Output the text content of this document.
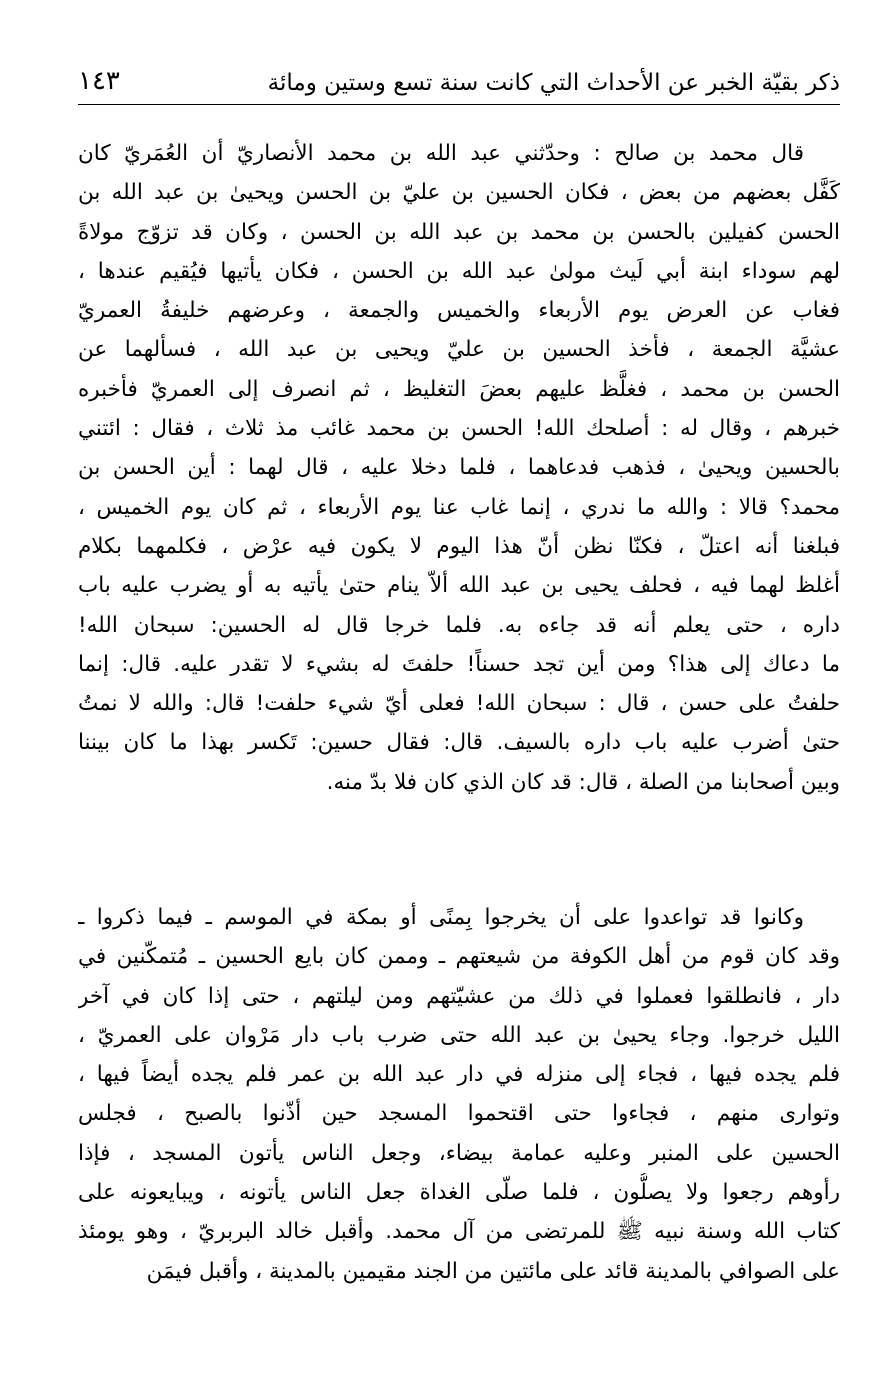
ذكر بقيّة الخبر عن الأحداث التي كانت سنة تسع وستين ومائة
١٤٣
قال محمد بن صالح : وحدّثني عبد الله بن محمد الأنصاريّ أن العُمَريّ كان
كَفَّل بعضهم من بعض ، فكان الحسين بن عليّ بن الحسن ويحيىٰ بن عبد الله بن
الحسن كفيلين بالحسن بن محمد بن عبد الله بن الحسن ، وكان قد تزوّج مولاةً
لهم سوداء ابنة أبي لَيث مولىٰ عبد الله بن الحسن ، فكان يأتيها فيُقيم عندها ،
فغاب عن العرض يوم الأربعاء والخميس والجمعة ، وعرضهم خليفةُ العمريّ
عشيَّة الجمعة ، فأخذ الحسين بن عليّ ويحيى بن عبد الله ، فسألهما عن
الحسن بن محمد ، فغلَّظ عليهم بعضَ التغليظ ، ثم انصرف إلى العمريّ فأخبره
خبرهم ، وقال له : أصلحك الله! الحسن بن محمد غائب مذ ثلاث ، فقال : ائتني
بالحسين ويحيىٰ ، فذهب فدعاهما ، فلما دخلا عليه ، قال لهما : أين الحسن بن
محمد؟ قالا : والله ما ندري ، إنما غاب عنا يوم الأربعاء ، ثم كان يوم الخميس ،
فبلغنا أنه اعتلّ ، فكنّا نظن أنّ هذا اليوم لا يكون فيه عرْض ، فكلمهما بكلام
أغلظ لهما فيه ، فحلف يحيى بن عبد الله ألاّ ينام حتىٰ يأتيه به أو يضرب عليه باب
داره ، حتى يعلم أنه قد جاءه به. فلما خرجا قال له الحسين: سبحان الله!
ما دعاك إلى هذا؟ ومن أين تجد حسناً! حلفتَ له بشيء لا تقدر عليه. قال: إنما
حلفتُ على حسن ، قال : سبحان الله! فعلى أيّ شيء حلفت! قال: والله لا نمتُ
حتىٰ أضرب عليه باب داره بالسيف. قال: فقال حسين: تَكسر بهذا ما كان بيننا
وبين أصحابنا من الصلة ، قال: قد كان الذي كان فلا بدّ منه.
وكانوا قد تواعدوا على أن يخرجوا بِمنًى أو بمكة في الموسم ـ فيما ذكروا ـ
وقد كان قوم من أهل الكوفة من شيعتهم ـ وممن كان بايع الحسين ـ مُتمكّنين في
دار ، فانطلقوا فعملوا في ذلك من عشيّتهم ومن ليلتهم ، حتى إذا كان في آخر
الليل خرجوا. وجاء يحيىٰ بن عبد الله حتى ضرب باب دار مَرْوان على العمريّ ،
فلم يجده فيها ، فجاء إلى منزله في دار عبد الله بن عمر فلم يجده أيضاً فيها ،
وتوارى منهم ، فجاءوا حتى اقتحموا المسجد حين أذّنوا بالصبح ، فجلس
الحسين على المنبر وعليه عمامة بيضاء، وجعل الناس يأتون المسجد ، فإذا
رأوهم رجعوا ولا يصلُّون ، فلما صلّى الغداة جعل الناس يأتونه ، ويبايعونه على
كتاب الله وسنة نبيه ﷺ للمرتضى من آل محمد. وأقبل خالد البربريّ ، وهو يومئذ
على الصوافي بالمدينة قائد على مائتين من الجند مقيمين بالمدينة ، وأقبل فيمَن
